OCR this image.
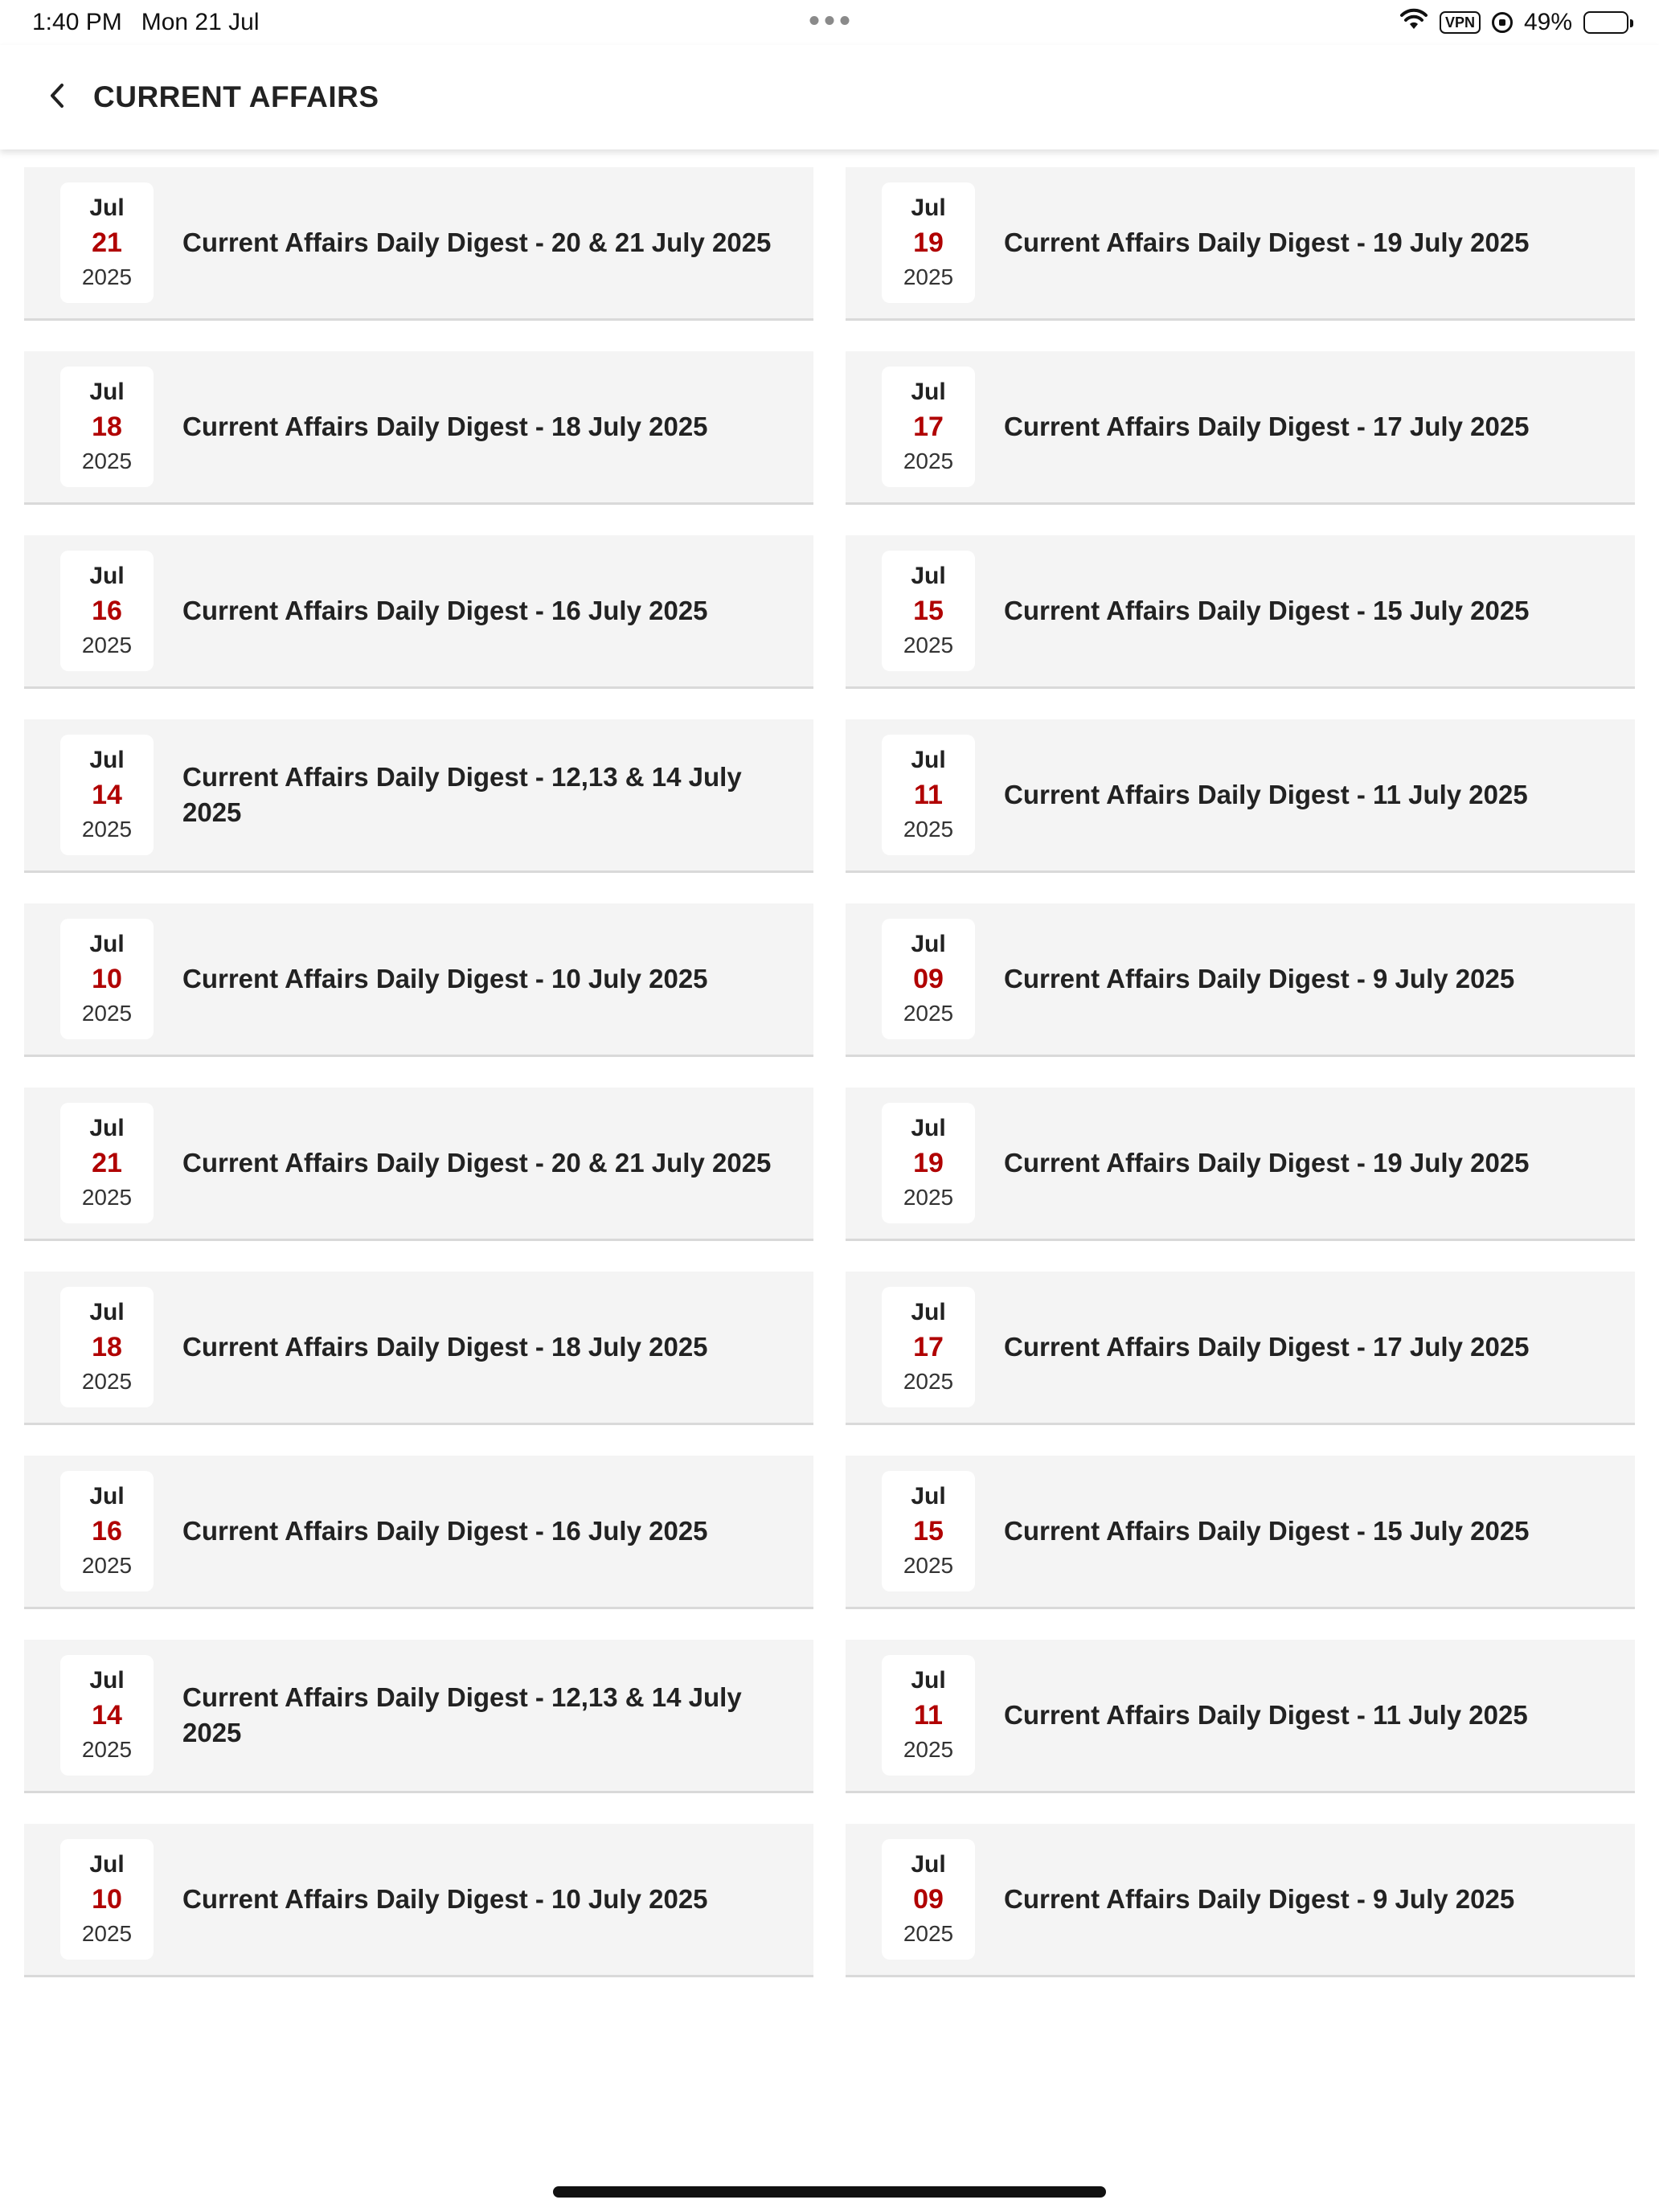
1:40 PM Mon 21 Jul	VPN 49%
CURRENT AFFAIRS
Jul
21
2025
Current Affairs Daily Digest - 20 & 21 July 2025
Jul
19
2025
Current Affairs Daily Digest - 19 July 2025
Jul
18
2025
Current Affairs Daily Digest - 18 July 2025
Jul
17
2025
Current Affairs Daily Digest - 17 July 2025
Jul
16
2025
Current Affairs Daily Digest - 16 July 2025
Jul
15
2025
Current Affairs Daily Digest - 15 July 2025
Jul
14
2025
Current Affairs Daily Digest - 12,13 & 14 July 2025
Jul
11
2025
Current Affairs Daily Digest - 11 July 2025
Jul
10
2025
Current Affairs Daily Digest - 10 July 2025
Jul
09
2025
Current Affairs Daily Digest - 9 July 2025
Jul
21
2025
Current Affairs Daily Digest - 20 & 21 July 2025
Jul
19
2025
Current Affairs Daily Digest - 19 July 2025
Jul
18
2025
Current Affairs Daily Digest - 18 July 2025
Jul
17
2025
Current Affairs Daily Digest - 17 July 2025
Jul
16
2025
Current Affairs Daily Digest - 16 July 2025
Jul
15
2025
Current Affairs Daily Digest - 15 July 2025
Jul
14
2025
Current Affairs Daily Digest - 12,13 & 14 July 2025
Jul
11
2025
Current Affairs Daily Digest - 11 July 2025
Jul
10
2025
Current Affairs Daily Digest - 10 July 2025
Jul
09
2025
Current Affairs Daily Digest - 9 July 2025
